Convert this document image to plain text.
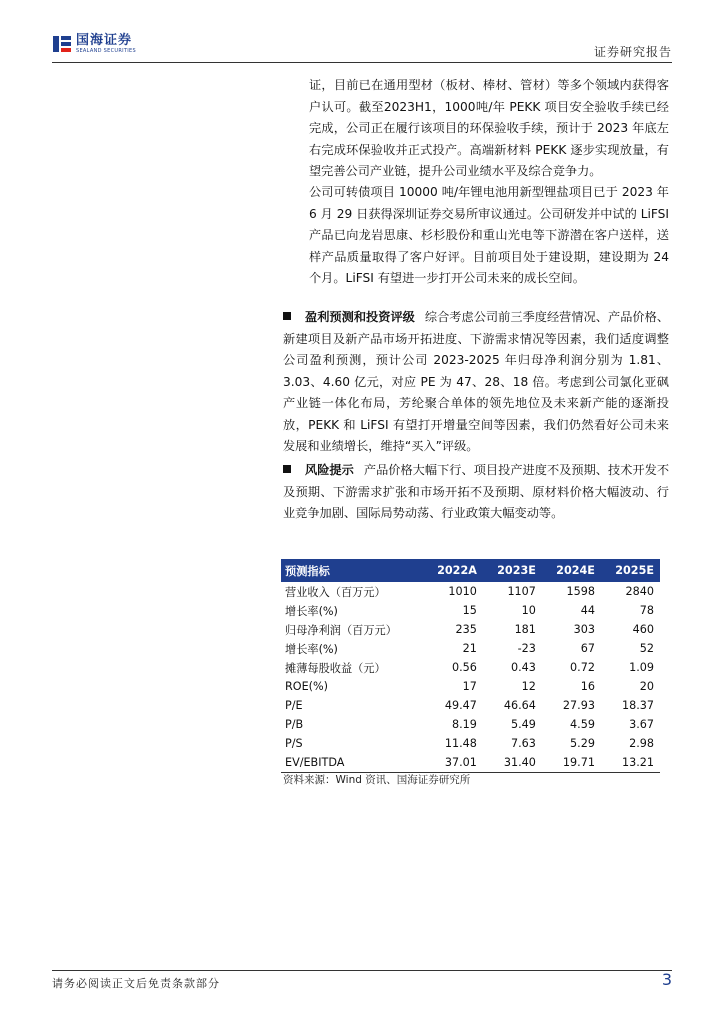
国海证券
SEALAND SECURITIES	证券研究报告
证，目前已在通用型材（板材、棒材、管材）等多个领域内获得客户认可。截至2023H1，1000吨/年 PEKK 项目安全验收手续已经完成，公司正在履行该项目的环保验收手续，预计于 2023 年底左右完成环保验收并正式投产。高端新材料 PEKK 逐步实现放量，有望完善公司产业链，提升公司业绩水平及综合竞争力。
公司可转债项目 10000 吨/年锂电池用新型锂盐项目已于 2023 年 6 月 29 日获得深圳证券交易所审议通过。公司研发并中试的 LiFSI 产品已向龙岩思康、杉杉股份和重山光电等下游潜在客户送样，送样产品质量取得了客户好评。目前项目处于建设期，建设期为 24 个月。LiFSI 有望进一步打开公司未来的成长空间。
盈利预测和投资评级 综合考虑公司前三季度经营情况、产品价格、新建项目及新产品市场开拓进度、下游需求情况等因素，我们适度调整公司盈利预测，预计公司 2023-2025 年归母净利润分别为 1.81、3.03、4.60 亿元，对应 PE 为 47、28、18 倍。考虑到公司氯化亚砜产业链一体化布局，芳纶聚合单体的领先地位及未来新产能的逐渐投放，PEKK 和 LiFSI 有望打开增量空间等因素，我们仍然看好公司未来发展和业绩增长，维持“买入”评级。
风险提示 产品价格大幅下行、项目投产进度不及预期、技术开发不及预期、下游需求扩张和市场开拓不及预期、原材料价格大幅波动、行业竞争加剧、国际局势动荡、行业政策大幅变动等。
预测指标	2022A	2023E	2024E	2025E
营业收入（百万元）	1010	1107	1598	2840
增长率(%)	15	10	44	78
归母净利润（百万元）	235	181	303	460
增长率(%)	21	-23	67	52
摊薄每股收益（元）	0.56	0.43	0.72	1.09
ROE(%)	17	12	16	20
P/E	49.47	46.64	27.93	18.37
P/B	8.19	5.49	4.59	3.67
P/S	11.48	7.63	5.29	2.98
EV/EBITDA	37.01	31.40	19.71	13.21
资料来源：Wind 资讯、国海证券研究所
请务必阅读正文后免责条款部分	3
